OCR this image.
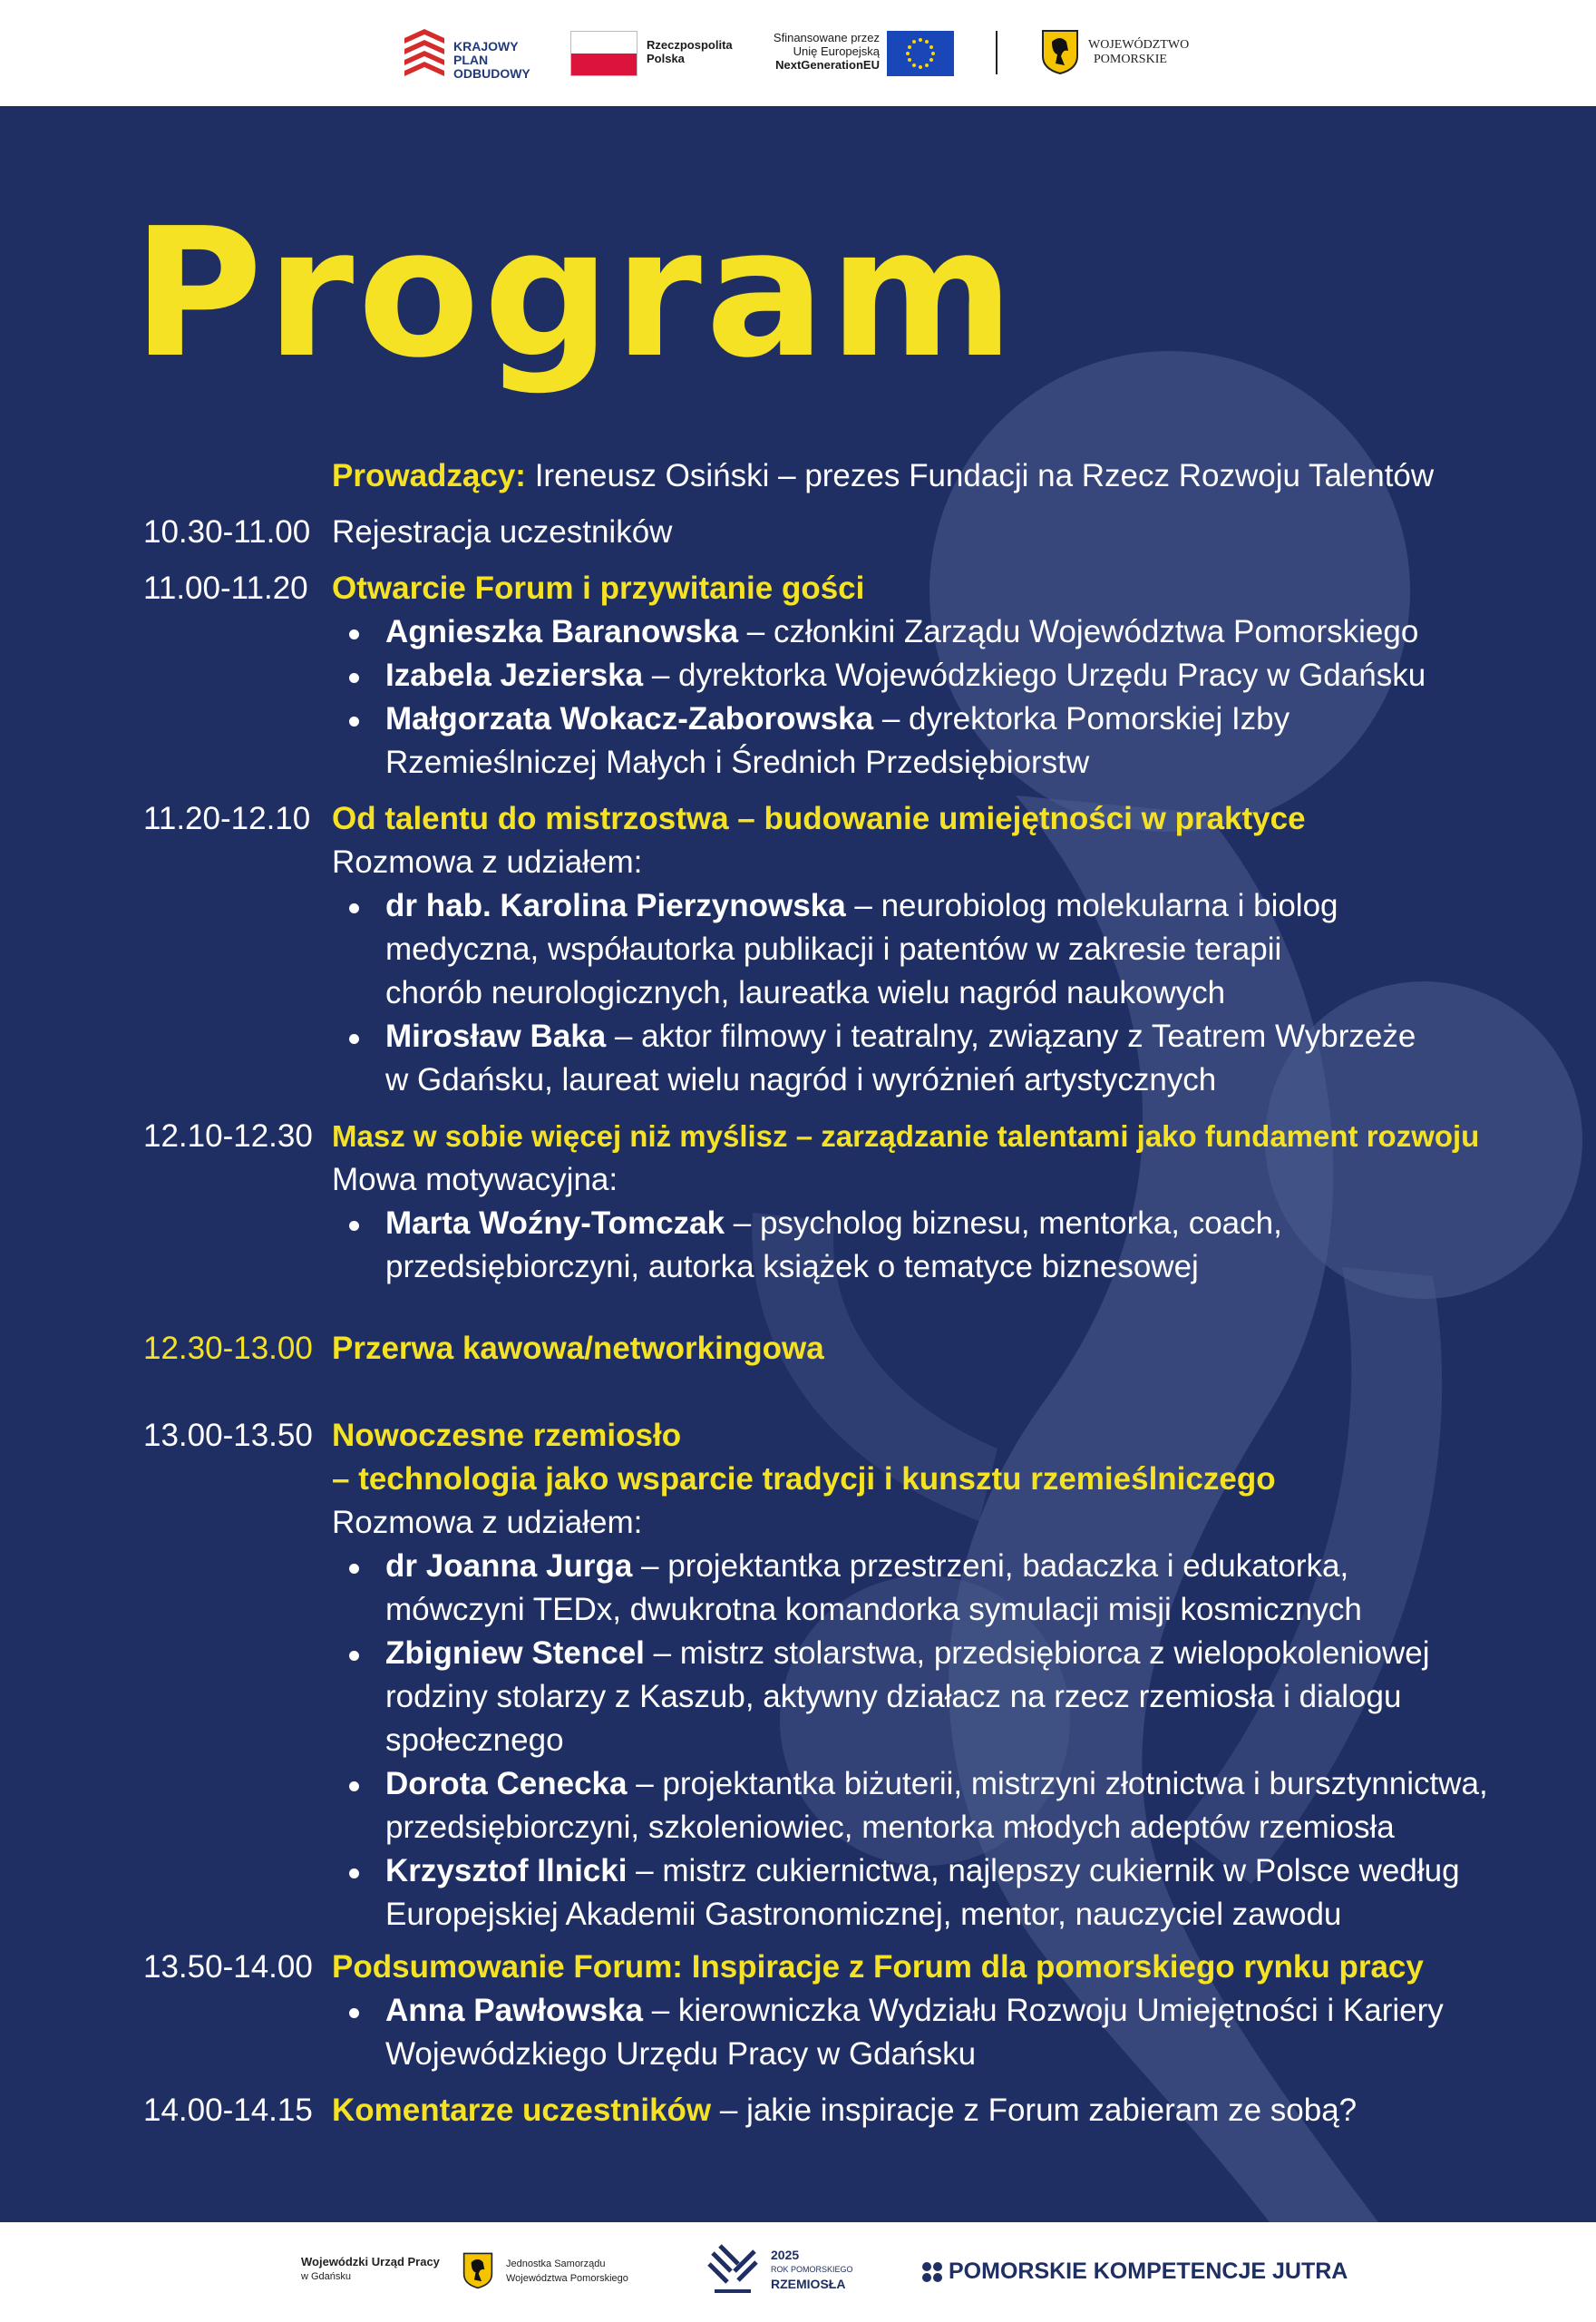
KRAJOWY
PLAN
ODBUDOWY
Rzeczpospolita
Polska
Sfinansowane przez
Unię Europejską
NextGenerationEU
WOJEWÓDZTWO
POMORSKIE
Program
Prowadzący: Ireneusz Osiński – prezes Fundacji na Rzecz Rozwoju Talentów
10.30-11.00 Rejestracja uczestników
11.00-11.20 Otwarcie Forum i przywitanie gości
Agnieszka Baranowska – członkini Zarządu Województwa Pomorskiego
Izabela Jezierska – dyrektorka Wojewódzkiego Urzędu Pracy w Gdańsku
Małgorzata Wokacz-Zaborowska – dyrektorka Pomorskiej Izby
Rzemieślniczej Małych i Średnich Przedsiębiorstw
11.20-12.10 Od talentu do mistrzostwa – budowanie umiejętności w praktyce
Rozmowa z udziałem:
dr hab. Karolina Pierzynowska – neurobiolog molekularna i biolog
medyczna, współautorka publikacji i patentów w zakresie terapii
chorób neurologicznych, laureatka wielu nagród naukowych
Mirosław Baka – aktor filmowy i teatralny, związany z Teatrem Wybrzeże
w Gdańsku, laureat wielu nagród i wyróżnień artystycznych
12.10-12.30 Masz w sobie więcej niż myślisz – zarządzanie talentami jako fundament rozwoju
Mowa motywacyjna:
Marta Woźny-Tomczak – psycholog biznesu, mentorka, coach,
przedsiębiorczyni, autorka książek o tematyce biznesowej
12.30-13.00 Przerwa kawowa/networkingowa
13.00-13.50 Nowoczesne rzemiosło
– technologia jako wsparcie tradycji i kunsztu rzemieślniczego
Rozmowa z udziałem:
dr Joanna Jurga – projektantka przestrzeni, badaczka i edukatorka,
mówczyni TEDx, dwukrotna komandorka symulacji misji kosmicznych
Zbigniew Stencel – mistrz stolarstwa, przedsiębiorca z wielopokoleniowej
rodziny stolarzy z Kaszub, aktywny działacz na rzecz rzemiosła i dialogu
społecznego
Dorota Cenecka – projektantka biżuterii, mistrzyni złotnictwa i bursztynnictwa,
przedsiębiorczyni, szkoleniowiec, mentorka młodych adeptów rzemiosła
Krzysztof Ilnicki – mistrz cukiernictwa, najlepszy cukiernik w Polsce według
Europejskiej Akademii Gastronomicznej, mentor, nauczyciel zawodu
13.50-14.00 Podsumowanie Forum: Inspiracje z Forum dla pomorskiego rynku pracy
Anna Pawłowska – kierowniczka Wydziału Rozwoju Umiejętności i Kariery
Wojewódzkiego Urzędu Pracy w Gdańsku
14.00-14.15 Komentarze uczestników – jakie inspiracje z Forum zabieram ze sobą?
Wojewódzki Urząd Pracy
w Gdańsku
Jednostka Samorządu
Województwa Pomorskiego
2025
ROK POMORSKIEGO
RZEMIOSŁA	POMORSKIE KOMPETENCJE JUTRA
